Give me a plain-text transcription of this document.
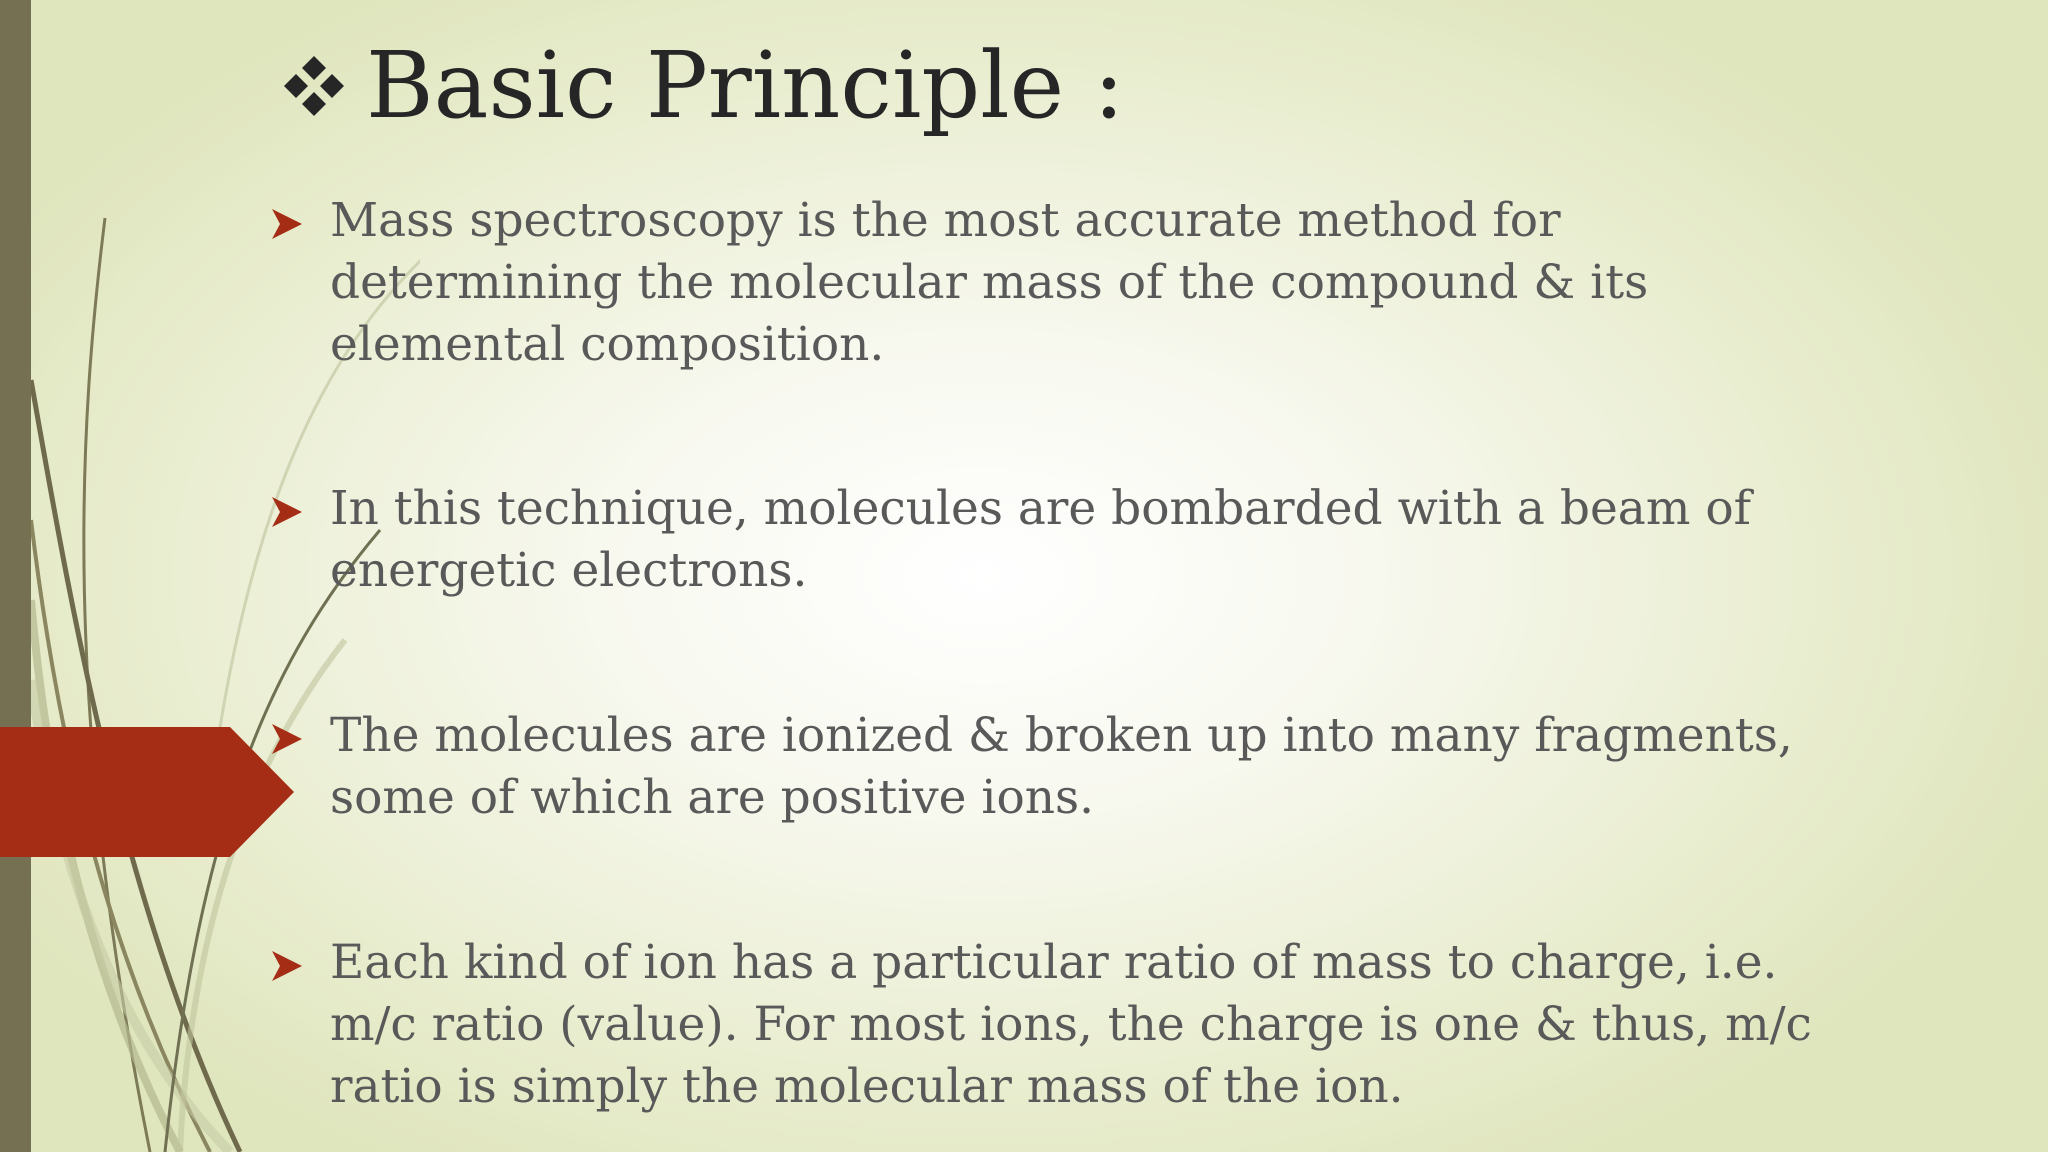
Basic Principle :
Mass spectroscopy is the most accurate method for determining the molecular mass of the compound & its elemental composition.
In this technique, molecules are bombarded with a beam of energetic electrons.
The molecules are ionized & broken up into many fragments, some of which are positive ions.
Each kind of ion has a particular ratio of mass to charge, i.e. m/c ratio (value). For most ions, the charge is one & thus, m/c ratio is simply the molecular mass of the ion.
